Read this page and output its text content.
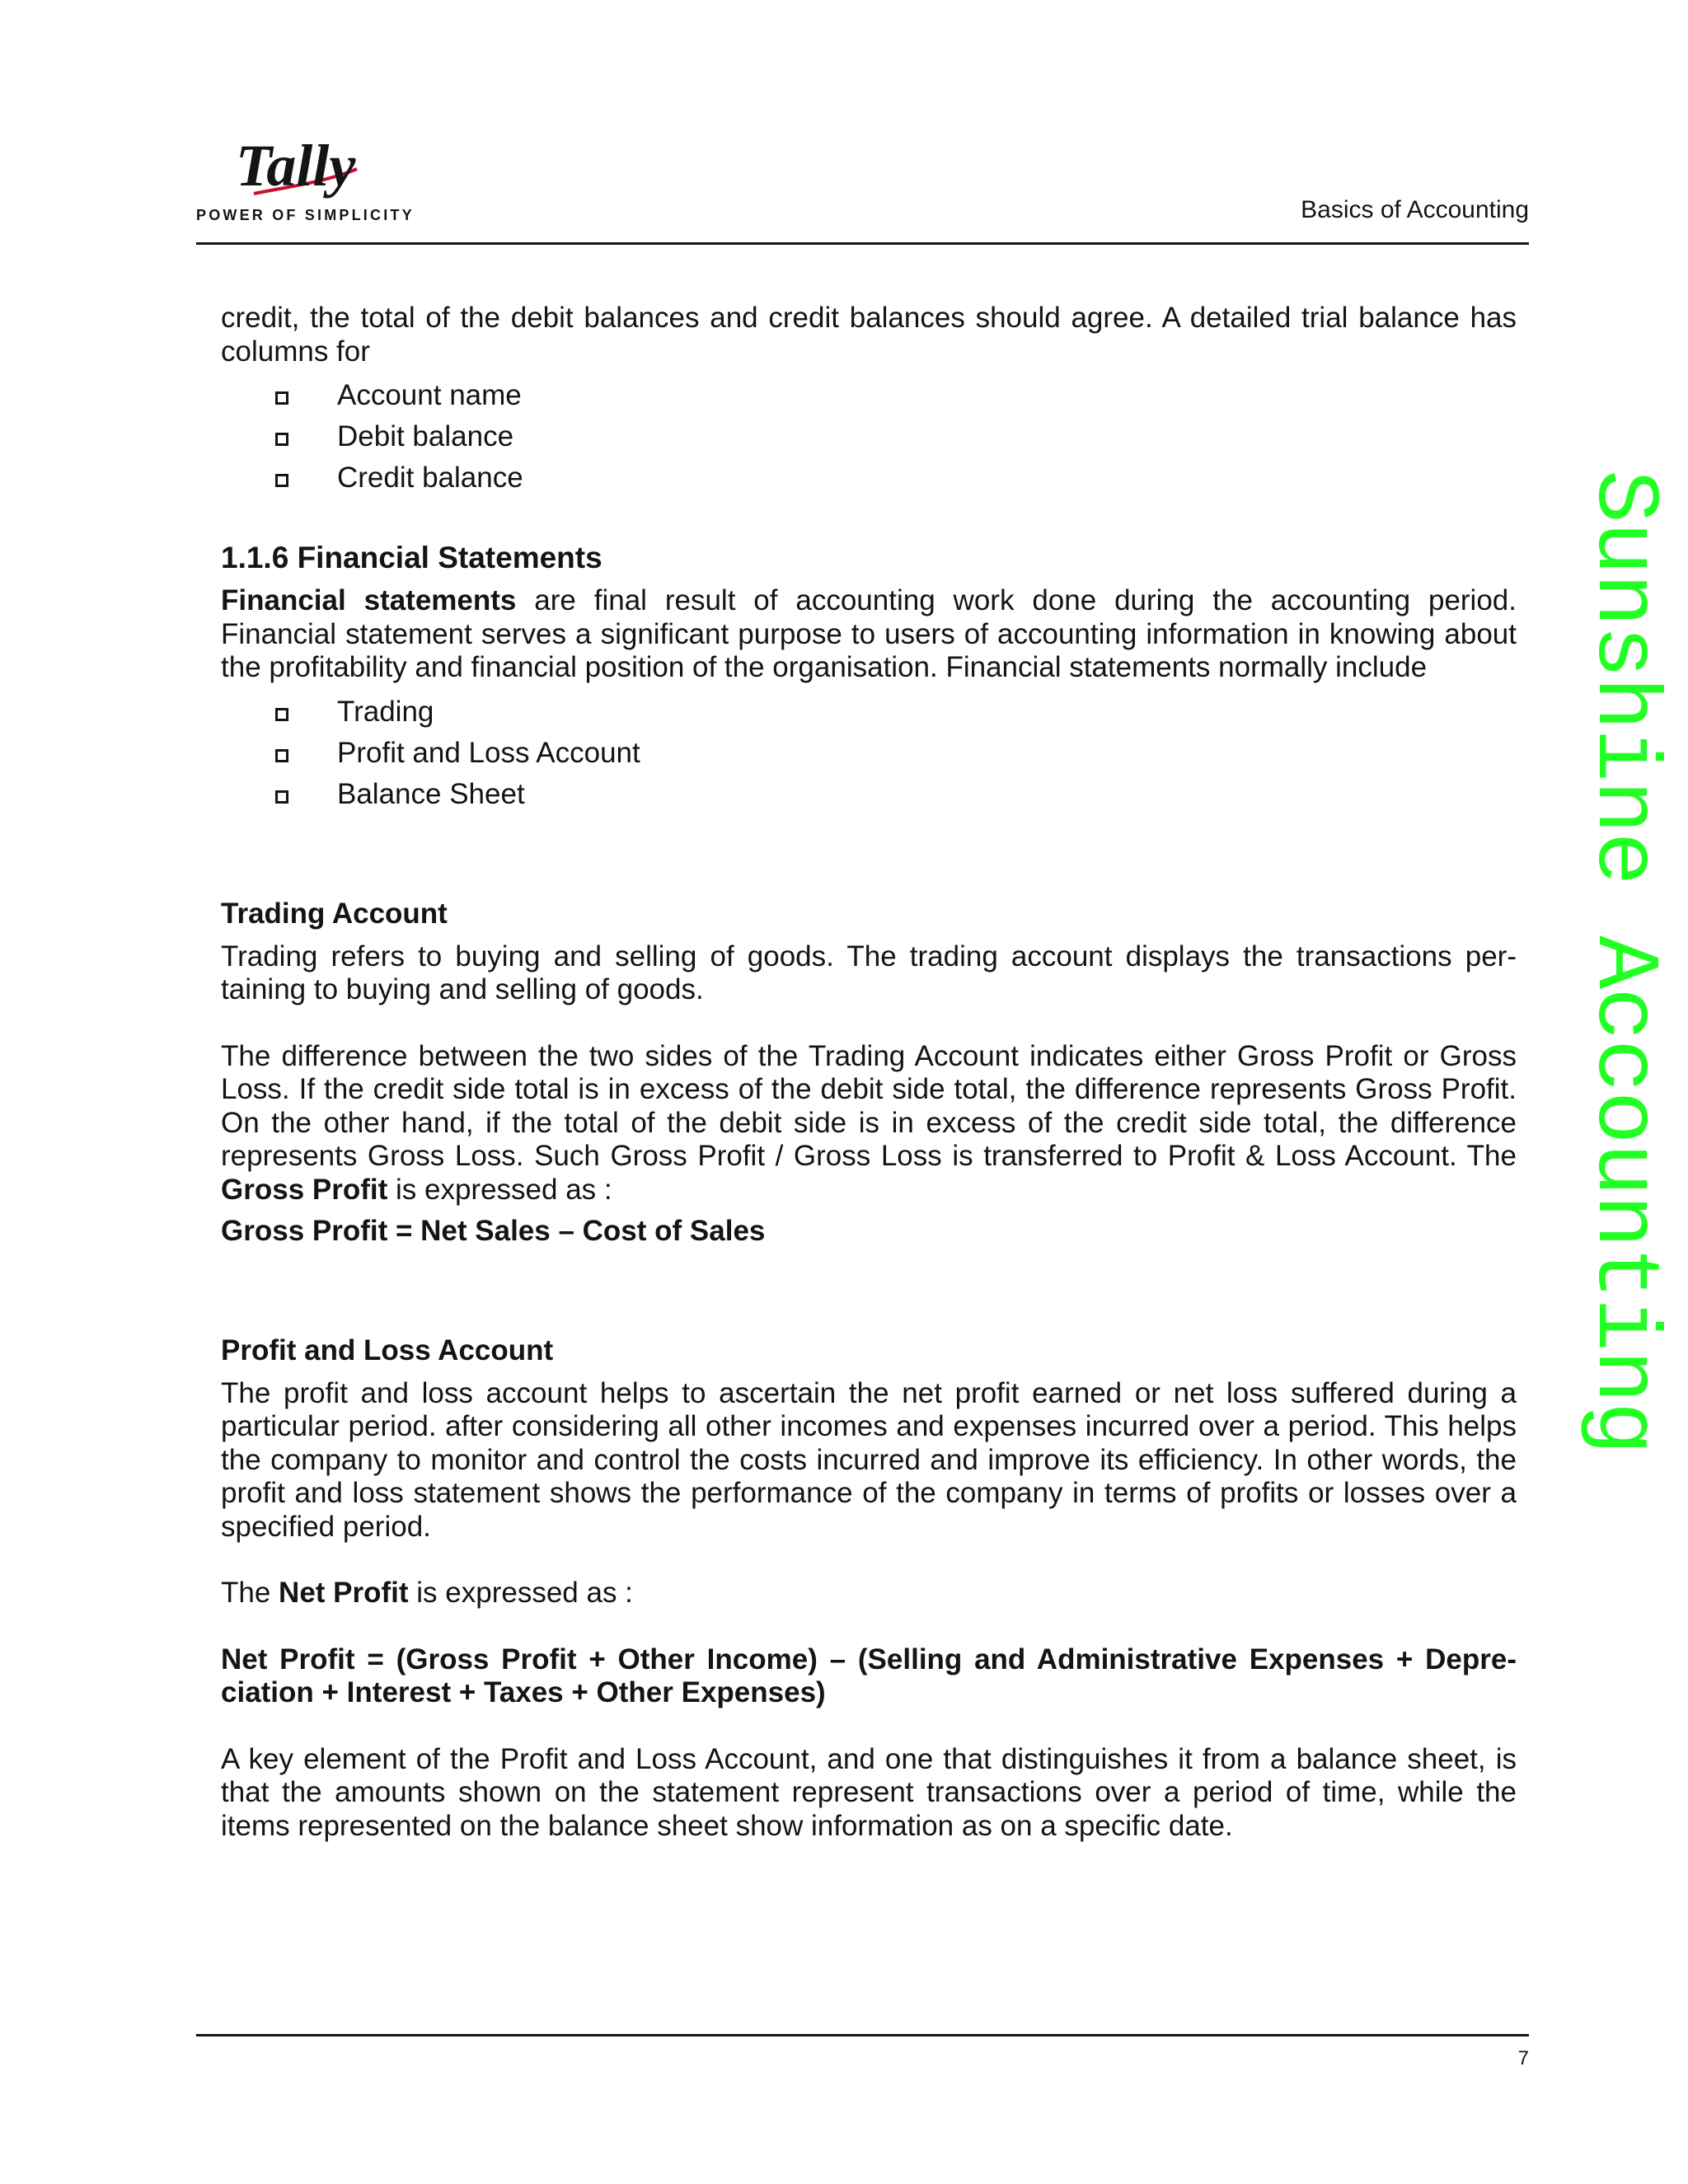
Tally
POWER OF SIMPLICITY	Basics of Accounting

credit, the total of the debit balances and credit balances should agree. A detailed trial balance has columns for

Account name
Debit balance
Credit balance
1.1.6 Financial Statements

Financial statements are final result of accounting work done during the accounting period. Financial statement serves a significant purpose to users of accounting information in knowing about the profitability and financial position of the organisation. Financial statements normally include

Trading
Profit and Loss Account
Balance Sheet
Trading Account

Trading refers to buying and selling of goods. The trading account displays the transactions pertaining to buying and selling of goods.

The difference between the two sides of the Trading Account indicates either Gross Profit or Gross Loss. If the credit side total is in excess of the debit side total, the difference represents Gross Profit. On the other hand, if the total of the debit side is in excess of the credit side total, the difference represents Gross Loss. Such Gross Profit / Gross Loss is transferred to Profit & Loss Account. The Gross Profit is expressed as :

Gross Profit = Net Sales – Cost of Sales

Profit and Loss Account

The profit and loss account helps to ascertain the net profit earned or net loss suffered during a particular period. after considering all other incomes and expenses incurred over a period. This helps the company to monitor and control the costs incurred and improve its efficiency. In other words, the profit and loss statement shows the performance of the company in terms of profits or losses over a specified period.

The Net Profit is expressed as :

Net Profit = (Gross Profit + Other Income) – (Selling and Administrative Expenses + Depre-

ciation + Interest + Taxes + Other Expenses)

A key element of the Profit and Loss Account, and one that distinguishes it from a balance sheet, is that the amounts shown on the statement represent transactions over a period of time, while the items represented on the balance sheet show information as on a specific date.

7
Sunshine Accounting
